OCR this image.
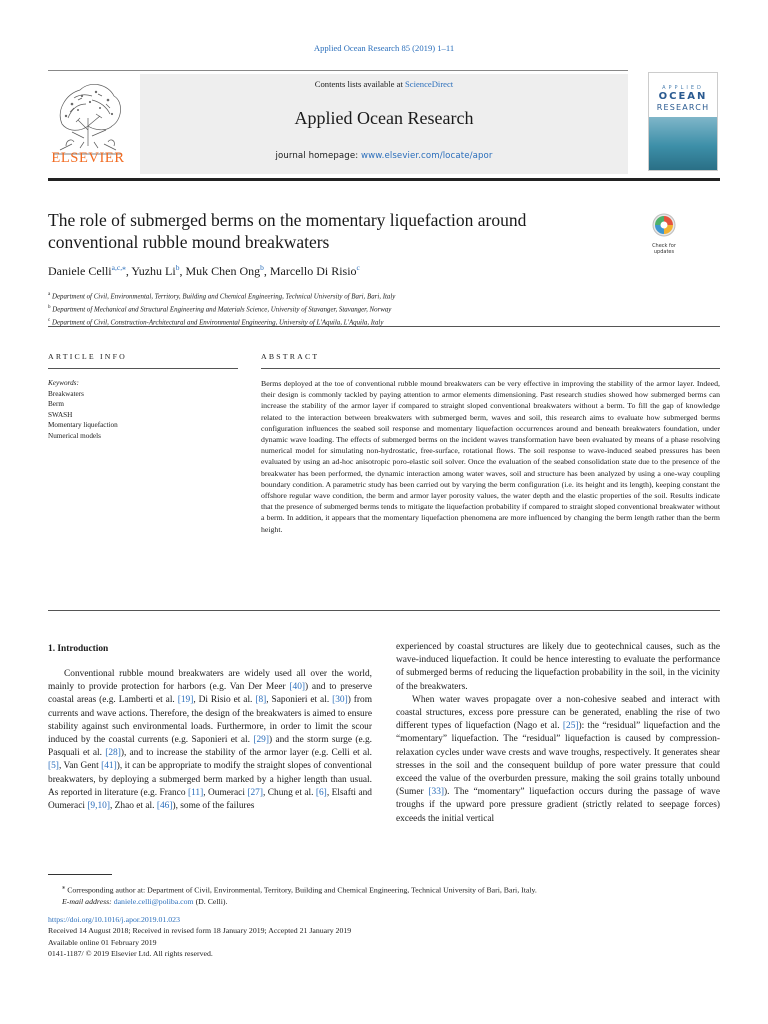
Applied Ocean Research 85 (2019) 1–11
ELSEVIER
Contents lists available at ScienceDirect
Applied Ocean Research
journal homepage: www.elsevier.com/locate/apor
APPLIED
OCEAN
RESEARCH
The role of submerged berms on the momentary liquefaction around conventional rubble mound breakwaters	Check for
updates
Daniele Celli$^{a,c,⁎}$, Yuzhu Li$^b$, Muk Chen Ong$^b$, Marcello Di Risio$^c$
$^a$ Department of Civil, Environmental, Territory, Building and Chemical Engineering, Technical University of Bari, Bari, Italy
$^b$ Department of Mechanical and Structural Engineering and Materials Science, University of Stavanger, Stavanger, Norway
$^c$ Department of Civil, Construction-Architectural and Environmental Engineering, University of L'Aquila, L'Aquila, Italy
ARTICLE INFO	ABSTRACT
Keywords:
Breakwaters
Berm
SWASH
Momentary liquefaction
Numerical models
Berms deployed at the toe of conventional rubble mound breakwaters can be very effective in improving the stability of the armor layer. Indeed, their design is commonly tackled by paying attention to armor elements dimensioning. Past research studies showed how submerged berms can increase the stability of the armor layer if compared to straight sloped conventional breakwaters without a berm. To fill the gap of knowledge related to the interaction between breakwaters with submerged berm, waves and soil, this research aims to evaluate how submerged berms configuration influences the seabed soil response and momentary liquefaction occurrences around and beneath breakwaters foundation, under dynamic wave loading. The effects of submerged berms on the incident waves transformation have been evaluated by means of a phase resolving numerical model for simulating non-hydrostatic, free-surface, rotational flows. The soil response to wave-induced seabed pressures has been evaluated by using an ad-hoc anisotropic poro-elastic soil solver. Once the evaluation of the seabed consolidation state due to the presence of the breakwater has been performed, the dynamic interaction among water waves, soil and structure has been analyzed by using a one-way coupling boundary condition. A parametric study has been carried out by varying the berm configuration (i.e. its height and its length), keeping constant the offshore regular wave condition, the berm and armor layer porosity values, the water depth and the elastic properties of the soil. Results indicate that the presence of submerged berms tends to mitigate the liquefaction probability if compared to straight sloped conventional breakwater without a berm. In addition, it appears that the momentary liquefaction phenomena are more influenced by changing the berm length rather than the berm height.
1. Introduction

Conventional rubble mound breakwaters are widely used all over the world, mainly to provide protection for harbors (e.g. Van Der Meer [40]) and to preserve coastal areas (e.g. Lamberti et al. [19], Di Risio et al. [8], Saponieri et al. [30]) from currents and wave actions. Therefore, the design of the breakwaters is aimed to ensure stability against such environmental loads. Furthermore, in order to limit the scour induced by the coastal currents (e.g. Saponieri et al. [29]) and the storm surge (e.g. Pasquali et al. [28]), and to increase the stability of the armor layer (e.g. Celli et al. [5], Van Gent [41]), it can be appropriate to modify the straight slopes of conventional breakwaters, by deploying a submerged berm marked by a higher length than usual. As reported in literature (e.g. Franco [11], Oumeraci [27], Chung et al. [6], Elsafti and Oumeraci [9,10], Zhao et al. [46]), some of the failures

experienced by coastal structures are likely due to geotechnical causes, such as the wave-induced liquefaction. It could be hence interesting to evaluate the performance of submerged berms of reducing the liquefaction probability in the soil, in the vicinity of the breakwaters.

When water waves propagate over a non-cohesive seabed and interact with coastal structures, excess pore pressure can be generated, enabling the rise of two different types of liquefaction (Nago et al. [25]): the “residual” liquefaction and the “momentary” liquefaction. The “residual” liquefaction is caused by compression-relaxation cycles under wave crests and wave troughs, respectively. It generates shear stresses in the soil and the consequent buildup of pore water pressure that could exceed the value of the overburden pressure, making the soil grains totally unbound (Sumer [33]). The “momentary” liquefaction occurs during the passage of wave troughs if the upward pore pressure gradient (strictly related to seepage forces) exceeds the initial vertical

⁎ Corresponding author at: Department of Civil, Environmental, Territory, Building and Chemical Engineering, Technical University of Bari, Bari, Italy.
E-mail address: daniele.celli@poliba.com (D. Celli).
https://doi.org/10.1016/j.apor.2019.01.023
Received 14 August 2018; Received in revised form 18 January 2019; Accepted 21 January 2019
Available online 01 February 2019
0141-1187/ © 2019 Elsevier Ltd. All rights reserved.
